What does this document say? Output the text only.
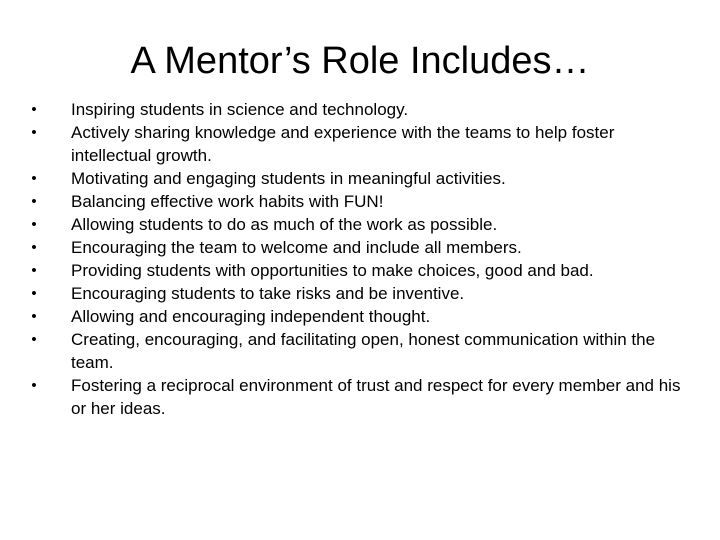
A Mentor’s Role Includes…
• Inspiring students in science and technology.
• Actively sharing knowledge and experience with the teams to help foster intellectual growth.
• Motivating and engaging students in meaningful activities.
• Balancing effective work habits with FUN!
• Allowing students to do as much of the work as possible.
• Encouraging the team to welcome and include all members.
• Providing students with opportunities to make choices, good and bad.
• Encouraging students to take risks and be inventive.
• Allowing and encouraging independent thought.
• Creating, encouraging, and facilitating open, honest communication within the team.
• Fostering a reciprocal environment of trust and respect for every member and his or her ideas.
